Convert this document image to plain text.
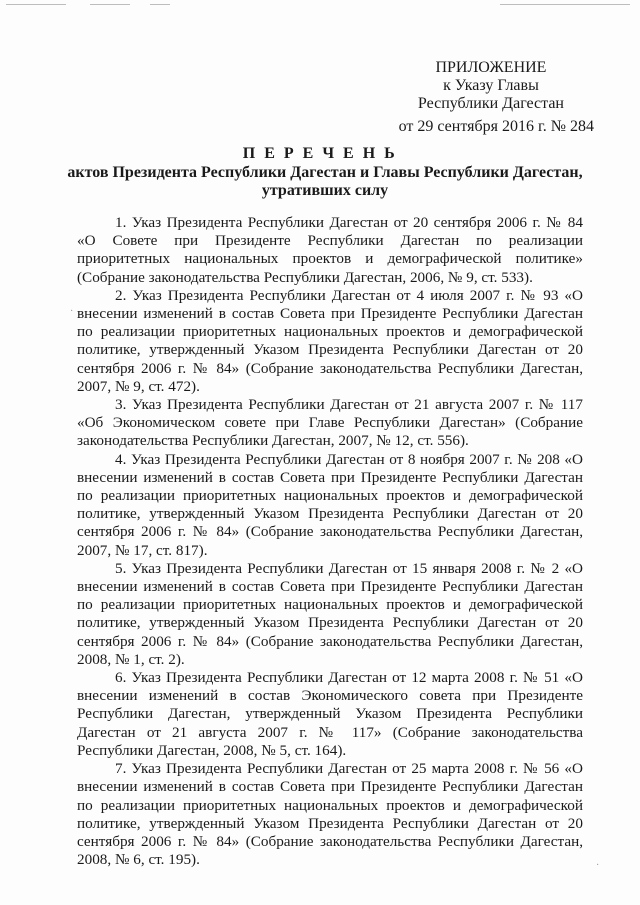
ПРИЛОЖЕНИЕ
к Указу Главы
Республики Дагестан
от 29 сентября 2016 г. № 284
П Е Р Е Ч Е Н Ь
актов Президента Республики Дагестан и Главы Республики Дагестан, утративших силу

1. Указ Президента Республики Дагестан от 20 сентября 2006 г. № 84 «О Совете при Президенте Республики Дагестан по реализации приоритетных национальных проектов и демографической политике» (Собрание законодательства Республики Дагестан, 2006, № 9, ст. 533).

2. Указ Президента Республики Дагестан от 4 июля 2007 г. № 93 «О внесении изменений в состав Совета при Президенте Республики Дагестан по реализации приоритетных национальных проектов и демографической политике, утвержденный Указом Президента Республики Дагестан от 20 сентября 2006 г. № 84» (Собрание законодательства Республики Дагестан, 2007, № 9, ст. 472).

3. Указ Президента Республики Дагестан от 21 августа 2007 г. № 117 «Об Экономическом совете при Главе Республики Дагестан» (Собрание законодательства Республики Дагестан, 2007, № 12, ст. 556).

4. Указ Президента Республики Дагестан от 8 ноября 2007 г. № 208 «О внесении изменений в состав Совета при Президенте Республики Дагестан по реализации приоритетных национальных проектов и демографической политике, утвержденный Указом Президента Республики Дагестан от 20 сентября 2006 г. № 84» (Собрание законодательства Республики Дагестан, 2007, № 17, ст. 817).

5. Указ Президента Республики Дагестан от 15 января 2008 г. № 2 «О внесении изменений в состав Совета при Президенте Республики Дагестан по реализации приоритетных национальных проектов и демографической политике, утвержденный Указом Президента Республики Дагестан от 20 сентября 2006 г. № 84» (Собрание законодательства Республики Дагестан, 2008, № 1, ст. 2).

6. Указ Президента Республики Дагестан от 12 марта 2008 г. № 51 «О внесении изменений в состав Экономического совета при Президенте Республики Дагестан, утвержденный Указом Президента Республики Дагестан от 21 августа 2007 г. № 117» (Собрание законодательства Республики Дагестан, 2008, № 5, ст. 164).

7. Указ Президента Республики Дагестан от 25 марта 2008 г. № 56 «О внесении изменений в состав Совета при Президенте Республики Дагестан по реализации приоритетных национальных проектов и демографической политике, утвержденный Указом Президента Республики Дагестан от 20 сентября 2006 г. № 84» (Собрание законодательства Республики Дагестан, 2008, № 6, ст. 195).

·
·
